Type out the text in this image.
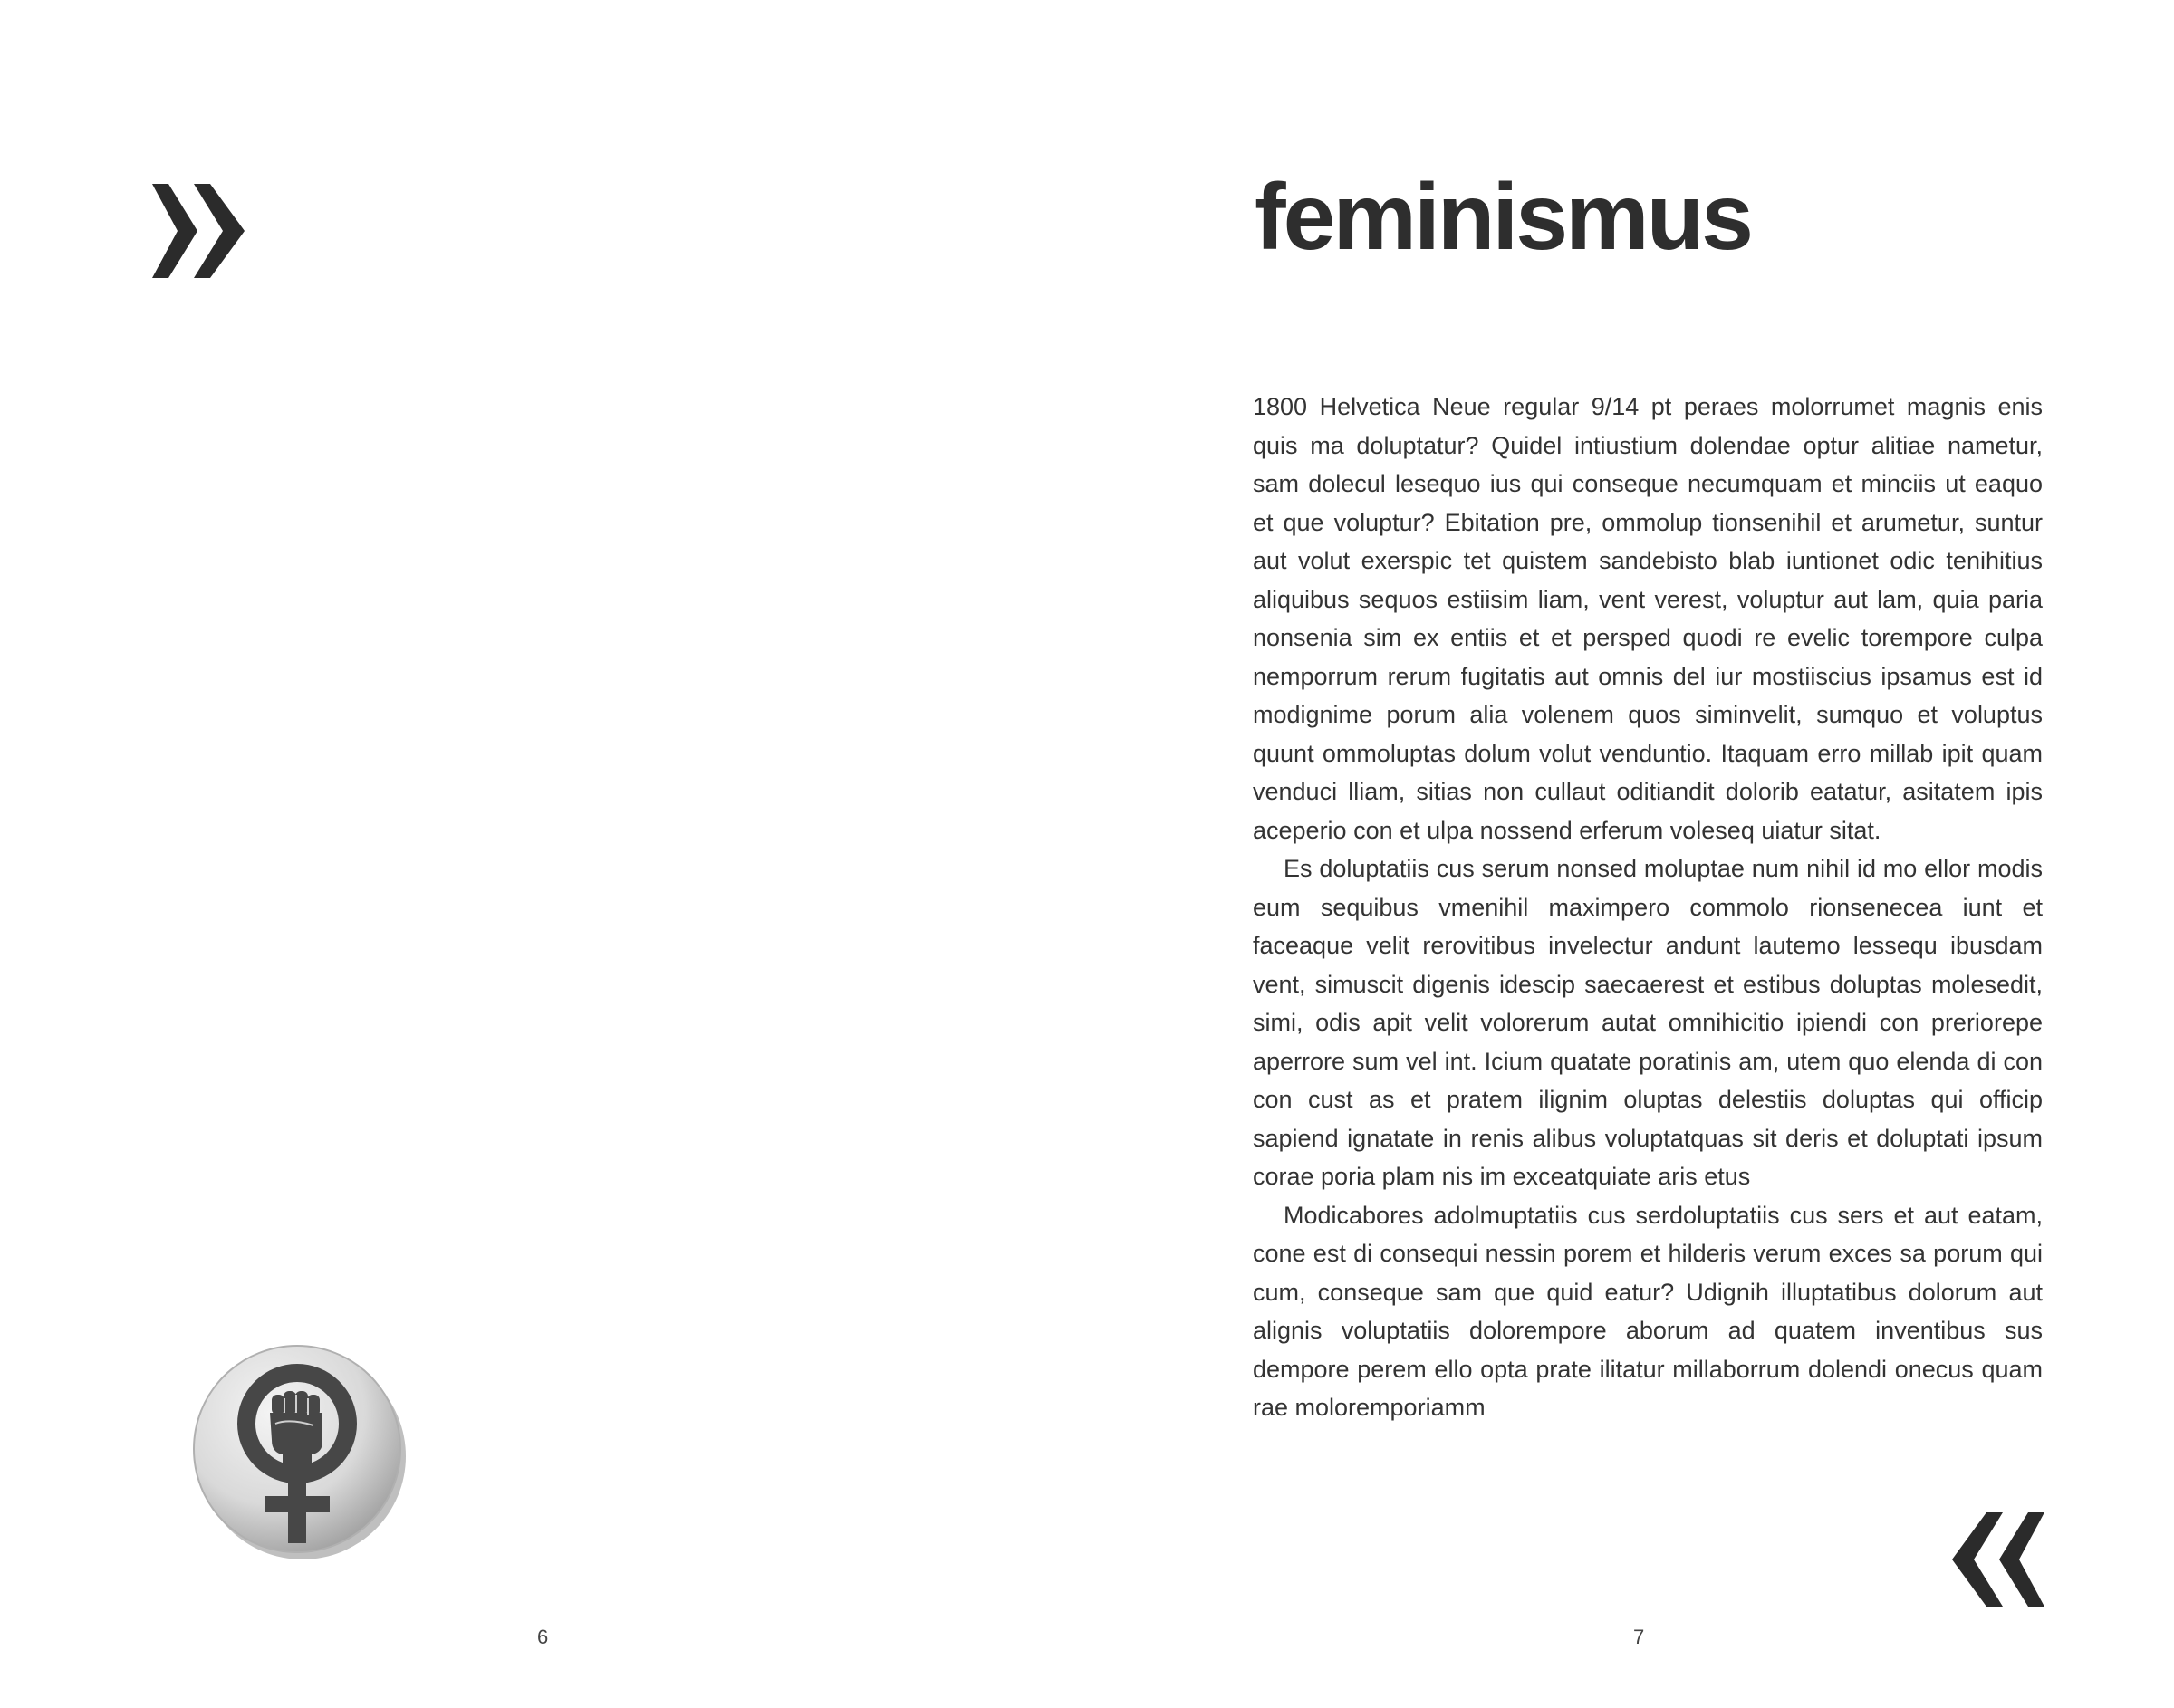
6
feminismus

1800 Helvetica Neue regular 9/14 pt peraes molorrumet magnis enis quis ma doluptatur? Quidel intiustium dolendae optur alitiae nametur, sam dolecul lesequo ius qui conseque necumquam et minciis ut eaquo et que voluptur? Ebitation pre, ommolup tionsenihil et arumetur, suntur aut volut exerspic tet quistem sandebisto blab iuntionet odic tenihitius aliquibus sequos estiisim liam, vent verest, voluptur aut lam, quia paria nonsenia sim ex entiis et et persped quodi re evelic torempore culpa nemporrum rerum fugitatis aut omnis del iur mostiiscius ipsamus est id modignime porum alia volenem quos siminvelit, sumquo et voluptus quunt ommoluptas dolum volut venduntio. Itaquam erro millab ipit quam venduci lliam, sitias non cullaut oditiandit dolorib eatatur, asitatem ipis aceperio con et ulpa nossend erferum voleseq uiatur sitat.

Es doluptatiis cus serum nonsed moluptae num nihil id mo ellor modis eum sequibus vmenihil maximpero commolo rionsenecea iunt et faceaque velit rerovitibus invelectur andunt lautemo lessequ ibusdam vent, simuscit digenis idescip saecaerest et estibus doluptas molesedit, simi, odis apit velit volorerum autat omnihicitio ipiendi con preriorepe aperrore sum vel int. Icium quatate poratinis am, utem quo elenda di con con cust as et pratem ilignim oluptas delestiis doluptas qui officip sapiend ignatate in renis alibus voluptatquas sit deris et doluptati ipsum corae poria plam nis im exceatquiate aris etus

Modicabores adolmuptatiis cus serdoluptatiis cus sers et aut eatam, cone est di consequi nessin porem et hilderis verum exces sa porum qui cum, conseque sam que quid eatur? Udignih illuptatibus dolorum aut alignis voluptatiis dolorempore aborum ad quatem inventibus sus dempore perem ello opta prate ilitatur millaborrum dolendi onecus quam rae moloremporiamm

7
